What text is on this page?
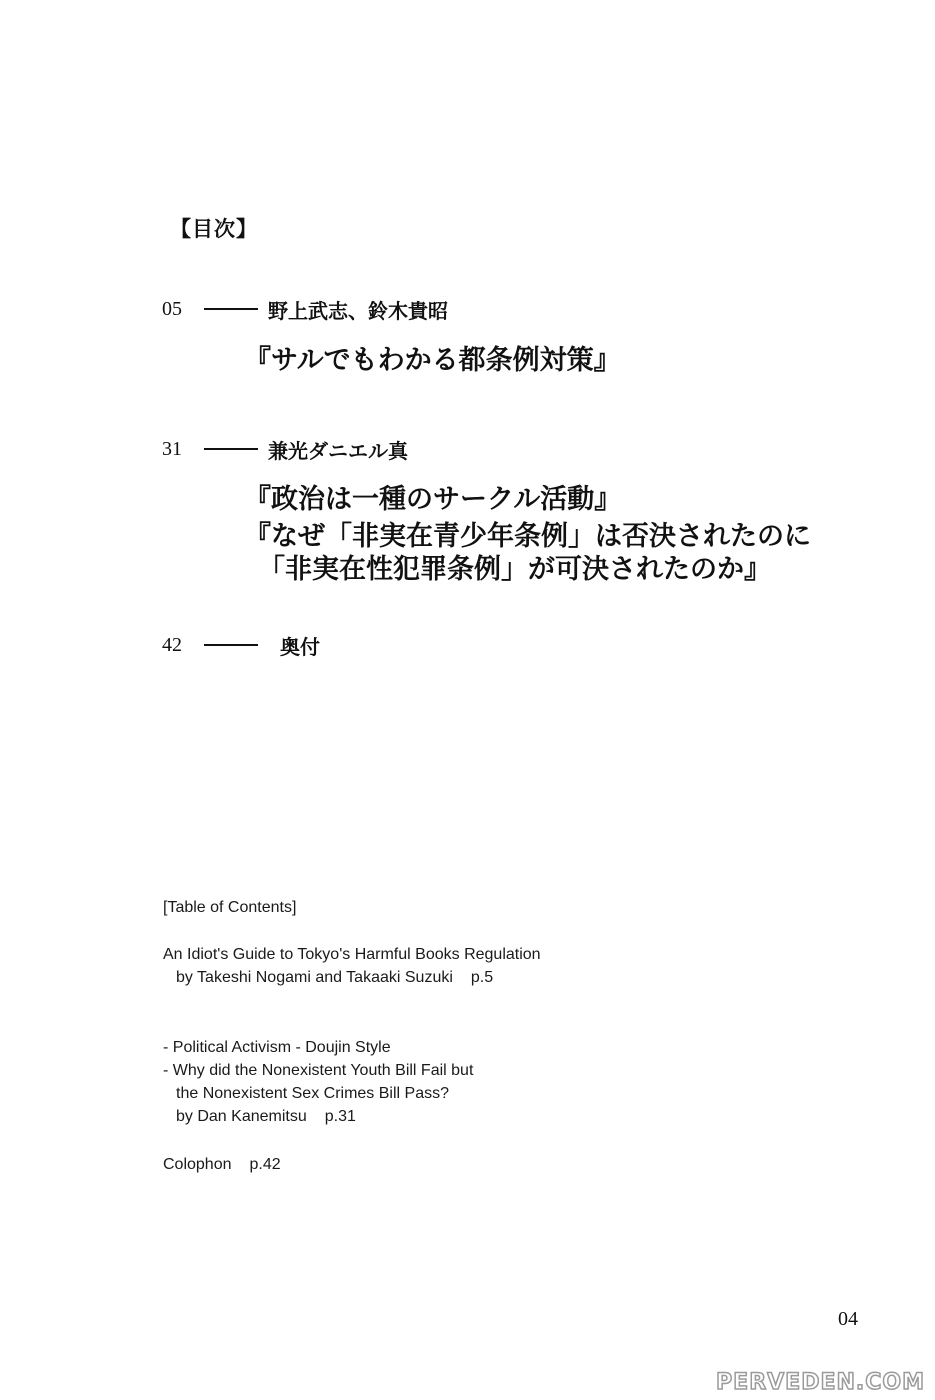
【目次】
05	野上武志、鈴木貴昭
『サルでもわかる都条例対策』
31	兼光ダニエル真
『政治は一種のサークル活動』
『なぜ「非実在青少年条例」は否決されたのに
「非実在性犯罪条例」が可決されたのか』
42	奥付
[Table of Contents]
An Idiot's Guide to Tokyo's Harmful Books Regulation
by Takeshi Nogami and Takaaki Suzuki p.5
- Political Activism - Doujin Style
- Why did the Nonexistent Youth Bill Fail but
the Nonexistent Sex Crimes Bill Pass?
by Dan Kanemitsu p.31
Colophon p.42
04
PERVEDEN.COM
